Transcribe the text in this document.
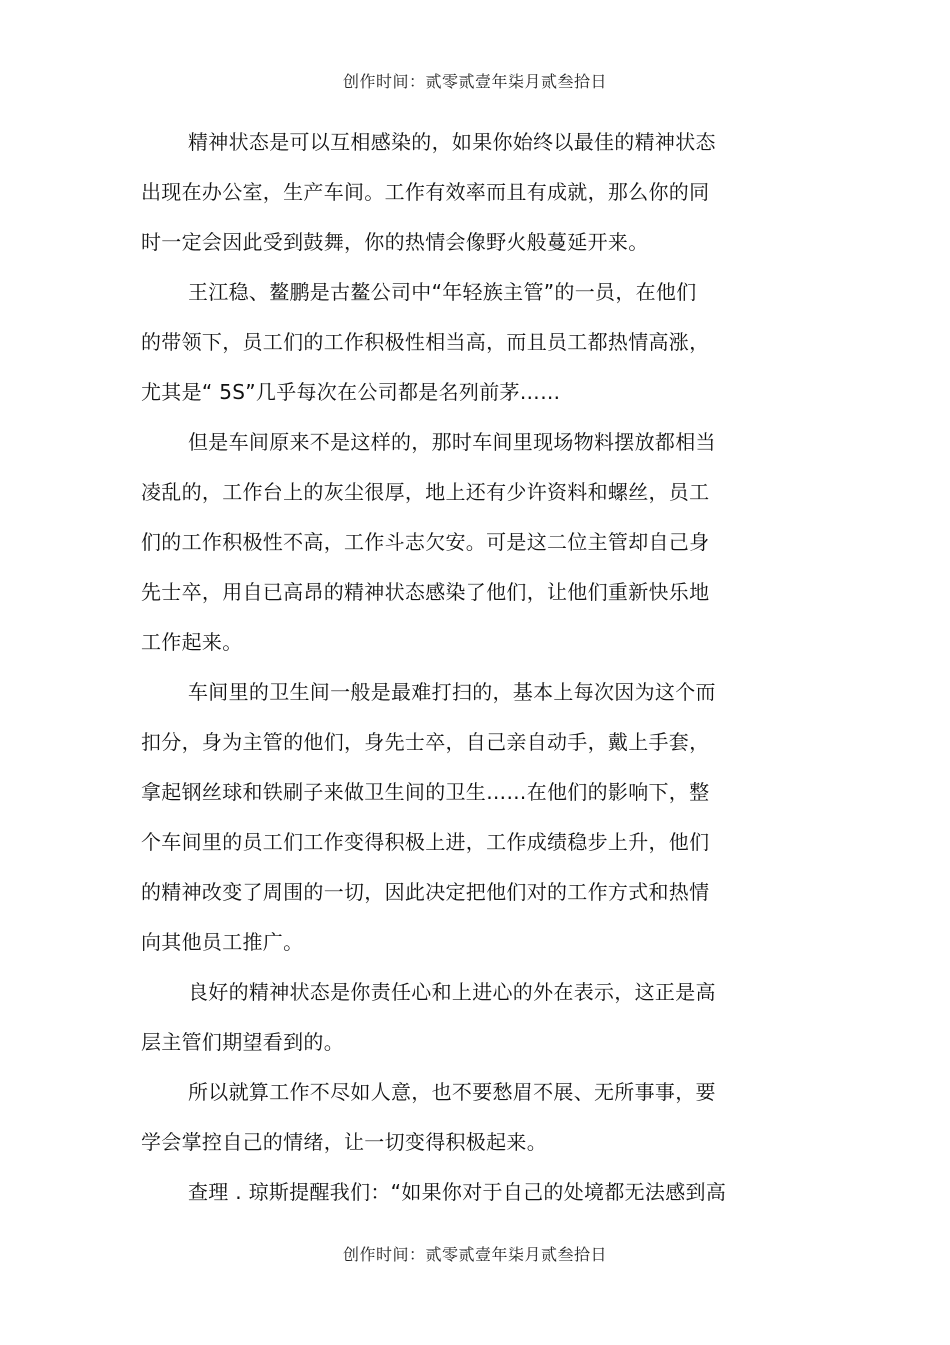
创作时间：贰零贰壹年柒月贰叁拾日
精神状态是可以互相感染的，如果你始终以最佳的精神状态
出现在办公室，生产车间。工作有效率而且有成就，那么你的同
时一定会因此受到鼓舞，你的热情会像野火般蔓延开来。
王江稳、鳌鹏是古鳌公司中“年轻族主管”的一员，在他们
的带领下，员工们的工作积极性相当高，而且员工都热情高涨，
尤其是“ 5S”几乎每次在公司都是名列前茅……
但是车间原来不是这样的，那时车间里现场物料摆放都相当
凌乱的，工作台上的灰尘很厚，地上还有少许资料和螺丝，员工
们的工作积极性不高，工作斗志欠安。可是这二位主管却自己身
先士卒，用自已高昂的精神状态感染了他们，让他们重新快乐地
工作起来。
车间里的卫生间一般是最难打扫的，基本上每次因为这个而
扣分，身为主管的他们，身先士卒，自己亲自动手，戴上手套，
拿起钢丝球和铁刷子来做卫生间的卫生……在他们的影响下，整
个车间里的员工们工作变得积极上进，工作成绩稳步上升，他们
的精神改变了周围的一切，因此决定把他们对的工作方式和热情
向其他员工推广。
良好的精神状态是你责任心和上进心的外在表示，这正是高
层主管们期望看到的。
所以就算工作不尽如人意，也不要愁眉不展、无所事事，要
学会掌控自己的情绪，让一切变得积极起来。
查理 . 琼斯提醒我们：“如果你对于自己的处境都无法感到高
创作时间：贰零贰壹年柒月贰叁拾日
